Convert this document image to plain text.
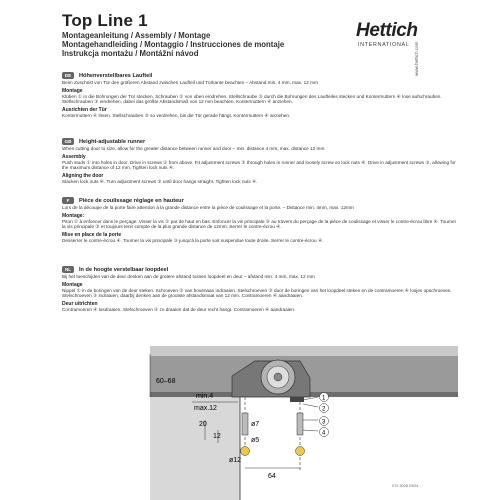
Top Line 1
Montageanleitung / Assembly / Montage
Montagehandleiding / Montaggio / Instrucciones de montaje
Instrukcja montażu / Montážní návod
Hettich
INTERNATIONAL www.hettich.com
DE	Höhenverstellbares Laufteil
Beim Zuschnitt von Tür den größeren Abstand zwischen Laufteil und Türkante beachten – Abstand min. 4 mm, max. 12 mm
Montage
Klüben ① in die Bohrungen der Tür stecken. Schrauben ② von oben eindrehen. Stellschraube ③ durch die Bohrungen des Laufteiles stecken und Kontermuttern ④ lose aufschrauben. Stellschrauben ③ eindrehen, dabei das größte Abstandsmaß von 12 mm beachten. Kontermuttern ④ anziehen.
Ausrichten der Tür
Kontermuttern ④ lösen. Stellschrauben ③ so verdrehen, bis die Tür gerade hängt. Kontermuttern ④ anziehen.
GB	Height-adjustable runner
When cutting door to size, allow for the greater distance between runner and door – min. distance 4 mm, max. distance 12 mm
Assembly
Push studs ① into holes in door. Drive in screws ② from above. Fit adjustment screws ③ through holes in runner and loosely screw on lock nuts ④. Drive in adjustment screws ③, allowing for the maximum distance of 12 mm. Tighten lock nuts ④.
Aligning the door
Slacken lock nuts ④. Turn adjustment screws ③ until door hangs straight. Tighten lock nuts ④.
F	Pièce de coulissage réglage en hauteur
Lors de la découpe de la porte faire attention à la grande distance entre la pièce de coulissage et la porte. – Distance min. 4mm, max. 12mm
Montage:
Piton ① à enfoncer dans le perçage. Visser la vis ② par de haut en bas. Enfoncer la vis principale ③ au travers du perçage de la pièce de coulissage et visser le contre-écrou libre ④. Tourner la vis principale ③ et toujours tenir compte de la plus grande distance de 12mm. Serrer le contre-écrou ④.
Mise en place de la porte
Desserrer le contre-écrou ④. Tourner la vis principale ③ jusqu'à la porte soit suspendue toute droite. Serrer le contre-écrou ④.
NL	In de hoogte verstelbaar loopdeel
Bij het toeschijden van de deur denken aan de grotere afstand tussen loopdeel en deur – afstand min. 4 mm, max. 12 mm
Montage
Nippel ① in de boringen van de deur steken. Schroeven ② van bovenaan indraaien. Stelschroeven ③ door de boringen van het loopdeel steken en de contramoeren ④ losjes opschroeven. Stelschroeven ③ indraaien, daarbij denken aan de grootste afstandsmaat van 12 mm. Contramoeren ④ aandraaien.
Deur uitrichten
Contramoeren ④ losdraaien. Stelschroeven ③ zo draaien dat de deur recht hangt. Contramoeren ④ aandraaien.
60–68
min.4
max.12
20
12
ø7
ø5
ø12
64
1
2
3
4
070 3008 03/04
